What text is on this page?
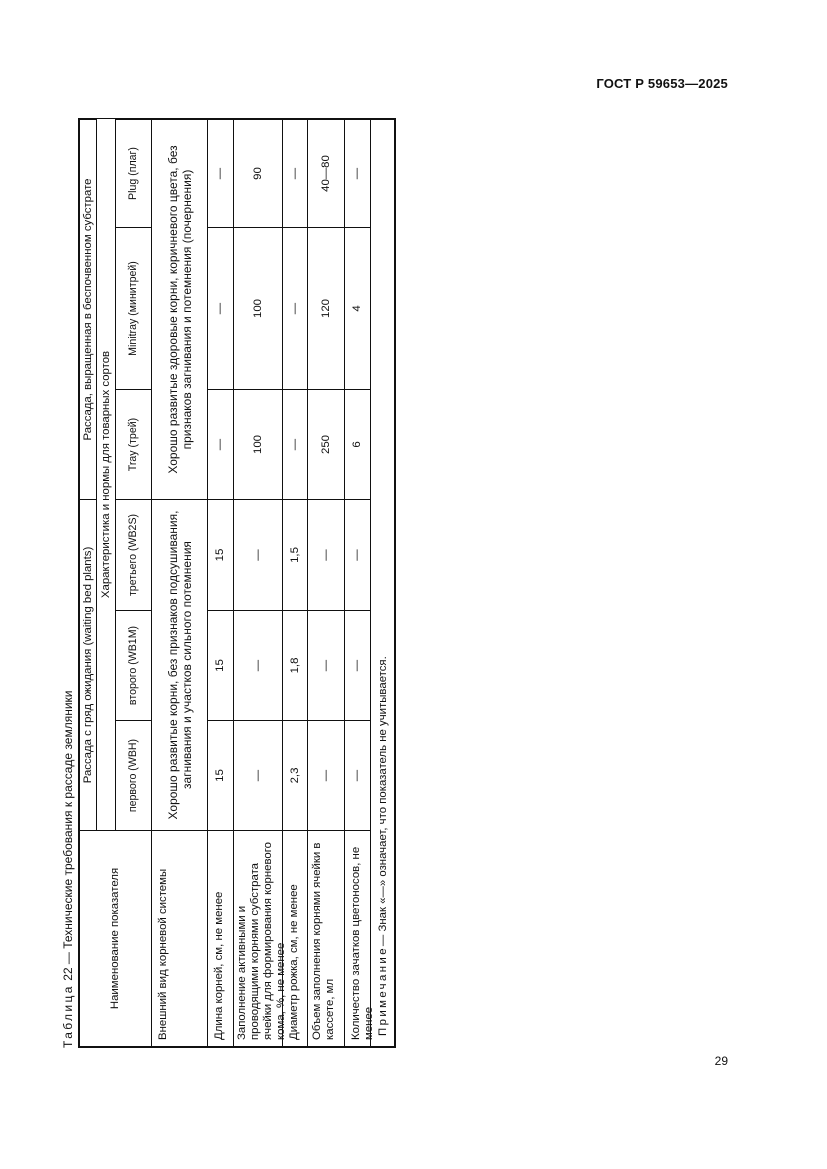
ГОСТ Р 59653—2025
Таблица 22 — Технические требования к рассаде земляники	Наименование показателя
Рассада с гряд ожидания (waiting bed plants)
Рассада, выращенная в беспочвенном субстрате
Характеристика и нормы для товарных сортов
первого (WBH)
второго (WB1M)
третьего (WB2S)
Tray (трей)
Minitray (минитрей)
Plug (плаг)
Внешний вид корневой системы
Хорошо развитые корни, без признаков подсушивания, загнивания и участков сильного потемнения
Хорошо развитые здоровые корни, коричневого цвета, без признаков загнивания и потемнения (почернения)
Длина корней, см, не менее
15
15
15
—
—
—
Заполнение активными и проводящими корнями субстрата ячейки для формирования корневого кома, %, не менее
—
—
—
100
100
90
Диаметр рожка, см, не менее
2,3
1,8
1,5
—
—
—
Объем заполнения корнями ячейки в кассете, мл
—
—
—
250
120
40—80
Количество зачатков цветоносов, не менее
—
—
—
6
4
—
Примечание
— Знак «—» означает, что показатель не учитывается.
29
